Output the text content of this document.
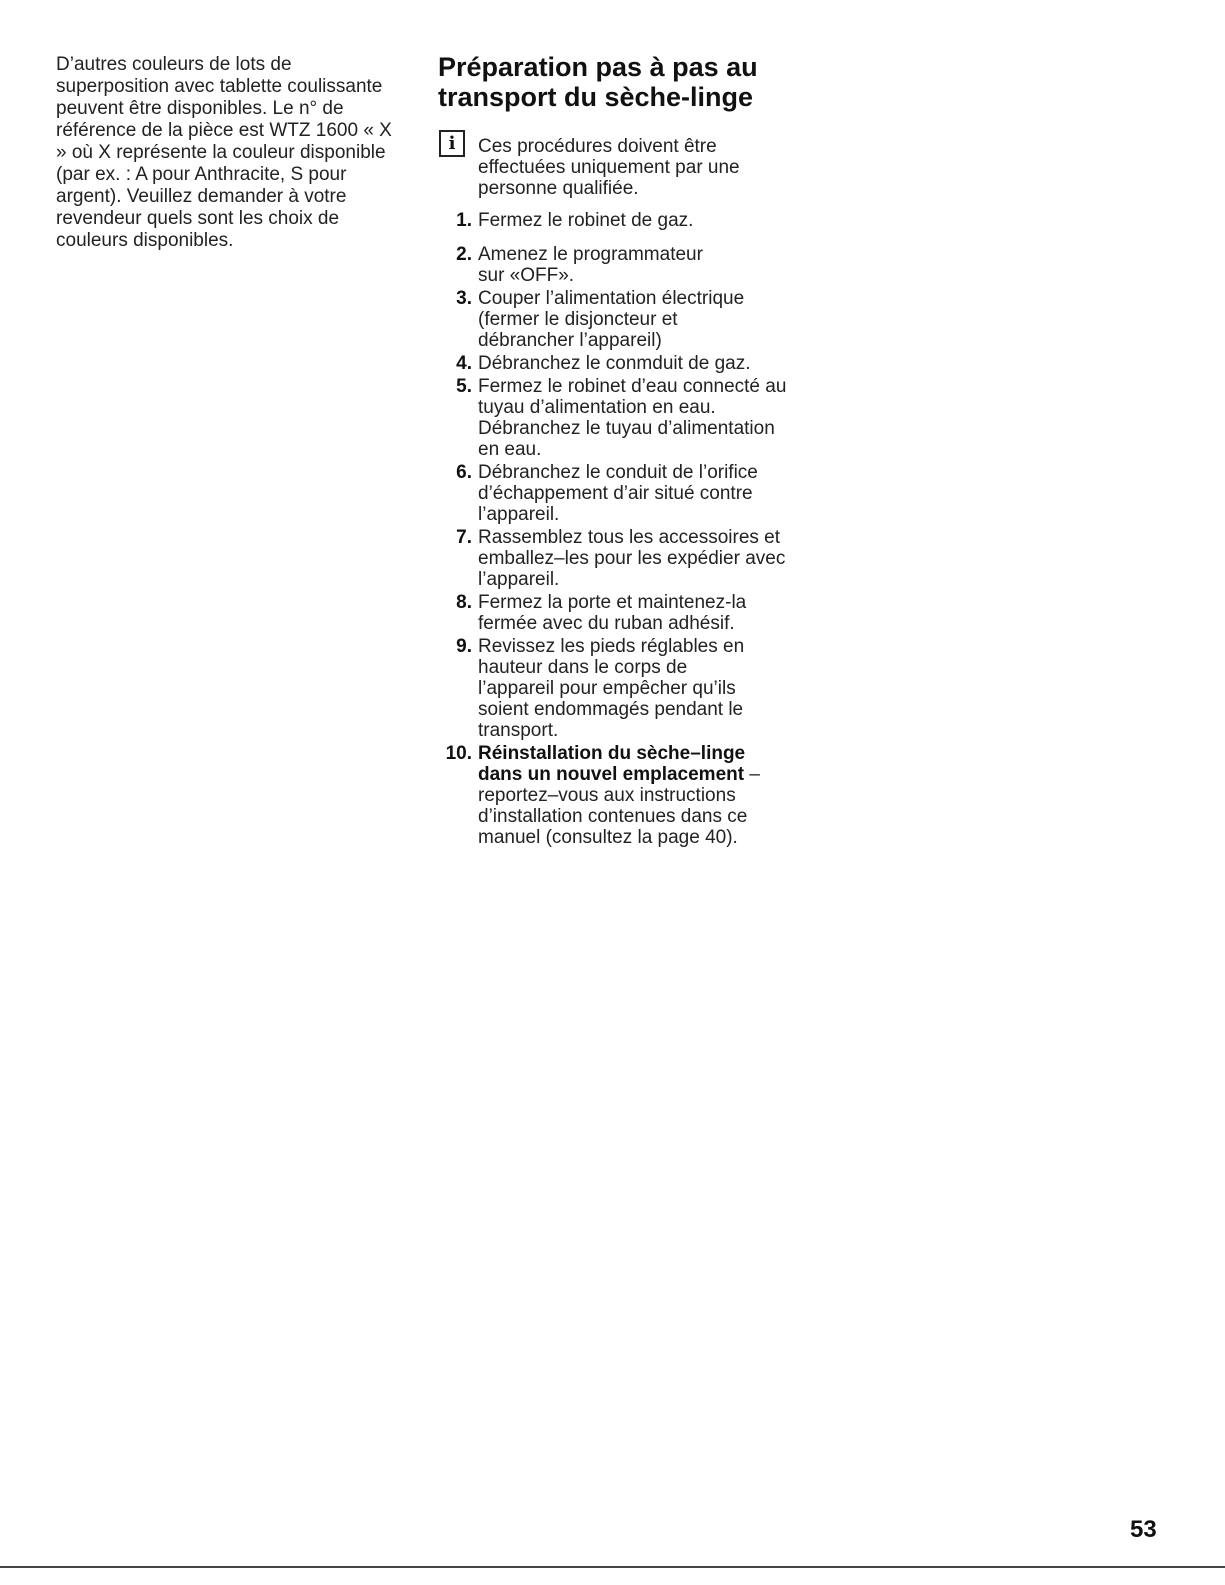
D’autres couleurs de lots de superposition avec tablette coulissante peuvent être disponibles. Le n° de référence de la pièce est WTZ 1600 « X » où X représente la couleur disponible (par ex. : A pour Anthracite, S pour argent). Veuillez demander à votre revendeur quels sont les choix de couleurs disponibles.

Préparation pas à pas au transport du sèche-linge
i	Ces procédures doivent être effectuées uniquement par une personne qualifiée.

1. Fermez le robinet de gaz.
2. Amenez le programmateur sur «OFF».
3. Couper l’alimentation électrique (fermer le disjoncteur et débrancher l’appareil)
4. Débranchez le conmduit de gaz.
5. Fermez le robinet d’eau connecté au tuyau d’alimentation en eau. Débranchez le tuyau d’alimentation en eau.
6. Débranchez le conduit de l’orifice d’échappement d’air situé contre l’appareil.
7. Rassemblez tous les accessoires et emballez–les pour les expédier avec l’appareil.
8. Fermez la porte et maintenez-la fermée avec du ruban adhésif.
9. Revissez les pieds réglables en hauteur dans le corps de l’appareil pour empêcher qu’ils soient endommagés pendant le transport.
10. Réinstallation du sèche–linge dans un nouvel emplacement – reportez–vous aux instructions d’installation contenues dans ce manuel (consultez la page 40).
53
